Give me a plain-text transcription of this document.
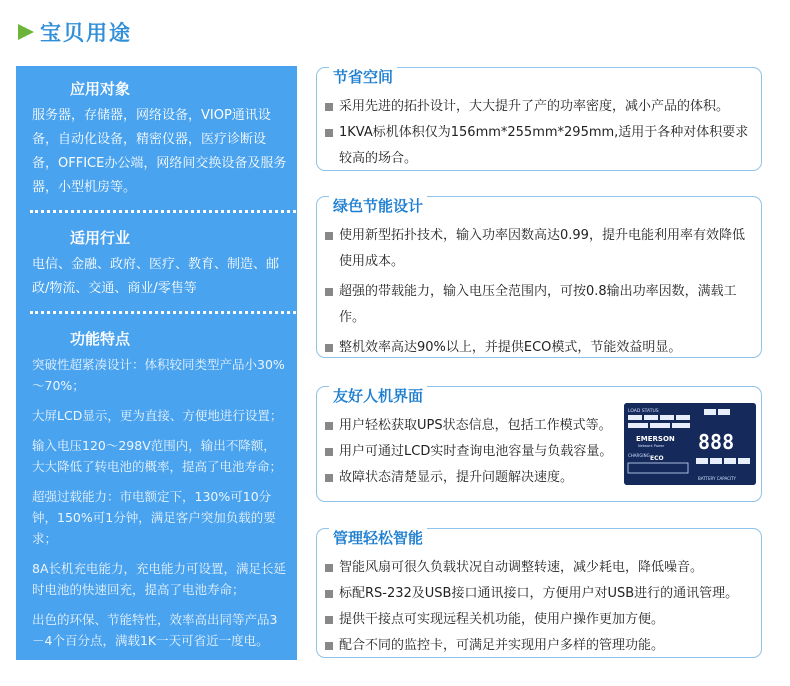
宝贝用途
应用对象
服务器，存储器，网络设备，VIOP通讯设备，自动化设备，精密仪器，医疗诊断设备，OFFICE办公端，网络间交换设备及服务器，小型机房等。
适用行业
电信、金融、政府、医疗、教育、制造、邮政/物流、交通、商业/零售等
功能特点
突破性超紧凑设计：体积较同类型产品小30%～70%；
大屏LCD显示，更为直接、方便地进行设置；
输入电压120～298V范围内，输出不降额，大大降低了转电池的概率，提高了电池寿命；
超强过载能力：市电额定下，130%可10分钟，150%可1分钟，满足客户突加负载的要求；
8A长机充电能力，充电能力可设置，满足长延时电池的快速回充，提高了电池寿命；
出色的环保、节能特性，效率高出同等产品3－4个百分点，满载1K一天可省近一度电。
节省空间
采用先进的拓扑设计，大大提升了产的功率密度，减小产品的体积。
1KVA标机体积仅为156mm*255mm*295mm,适用于各种对体积要求较高的场合。
绿色节能设计
使用新型拓扑技术，输入功率因数高达0.99，提升电能利用率有效降低使用成本。
超强的带载能力，输入电压全范围内，可按0.8输出功率因数，满载工作。
整机效率高达90%以上，并提供ECO模式，节能效益明显。
友好人机界面
用户轻松获取UPS状态信息，包括工作模式等。
用户可通过LCD实时查询电池容量与负载容量。
故障状态清楚显示，提升问题解决速度。
LOAD STATUS
EMERSON
Network Power
CHARGING ECO
888
BATTERY CAPACITY
管理轻松智能
智能风扇可很久负载状况自动调整转速，减少耗电，降低噪音。
标配RS-232及USB接口通讯接口，方便用户对USB进行的通讯管理。
提供干接点可实现远程关机功能，使用户操作更加方便。
配合不同的监控卡，可满足并实现用户多样的管理功能。
